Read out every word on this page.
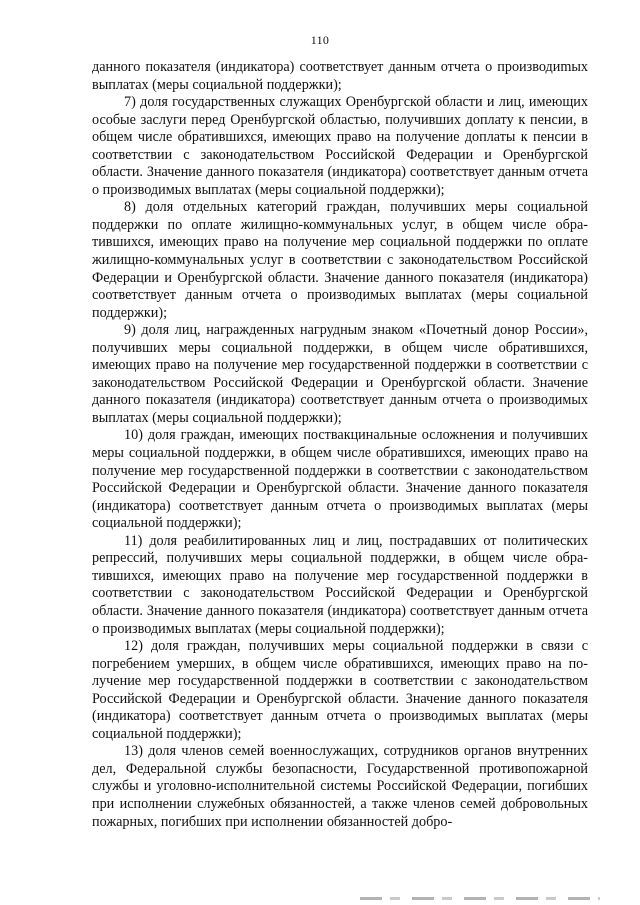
110

данного показателя (индикатора) соответствует данным отчета о производиmых выплатах (меры социальной поддержки);

7) доля государственных служащих Оренбургской области и лиц, имеющих особые заслуги перед Оренбургской областью, получивших доплату к пенсии, в общем числе обратившихся, имеющих право на получение доплаты к пенсии в соответствии с законодательством Российской Федерации и Оренбургской области. Значение данного показателя (индикатора) соответствует данным отчета о производимых выплатах (меры социальной поддержки);

8) доля отдельных категорий граждан, получивших меры социальной поддержки по оплате жилищно-коммунальных услуг, в общем числе обратившихся, имеющих право на получение мер социальной поддержки по оплате жилищно-коммунальных услуг в соответствии с законодательством Российской Федерации и Оренбургской области. Значение данного показателя (индикатора) соответствует данным отчета о производимых выплатах (меры социальной поддержки);

9) доля лиц, награжденных нагрудным знаком «Почетный донор России», получивших меры социальной поддержки, в общем числе обратившихся, имеющих право на получение мер государственной поддержки в соответствии с законодательством Российской Федерации и Оренбургской области. Значение данного показателя (индикатора) соответствует данным отчета о производимых выплатах (меры социальной поддержки);

10) доля граждан, имеющих поствакцинальные осложнения и получивших меры социальной поддержки, в общем числе обратившихся, имеющих право на получение мер государственной поддержки в соответствии с законодательством Российской Федерации и Оренбургской области. Значение данного показателя (индикатора) соответствует данным отчета о производимых выплатах (меры социальной поддержки);

11) доля реабилитированных лиц и лиц, пострадавших от политических репрессий, получивших меры социальной поддержки, в общем числе обратившихся, имеющих право на получение мер государственной поддержки в соответствии с законодательством Российской Федерации и Оренбургской области. Значение данного показателя (индикатора) соответствует данным отчета о производимых выплатах (меры социальной поддержки);

12) доля граждан, получивших меры социальной поддержки в связи с погребением умерших, в общем числе обратившихся, имеющих право на получение мер государственной поддержки в соответствии с законодательством Российской Федерации и Оренбургской области. Значение данного показателя (индикатора) соответствует данным отчета о производимых выплатах (меры социальной поддержки);

13) доля членов семей военнослужащих, сотрудников органов внутренних дел, Федеральной службы безопасности, Государственной противопожарной службы и уголовно-исполнительной системы Российской Федерации, погибших при исполнении служебных обязанностей, а также членов семей добровольных пожарных, погибших при исполнении обязанностей добро-
